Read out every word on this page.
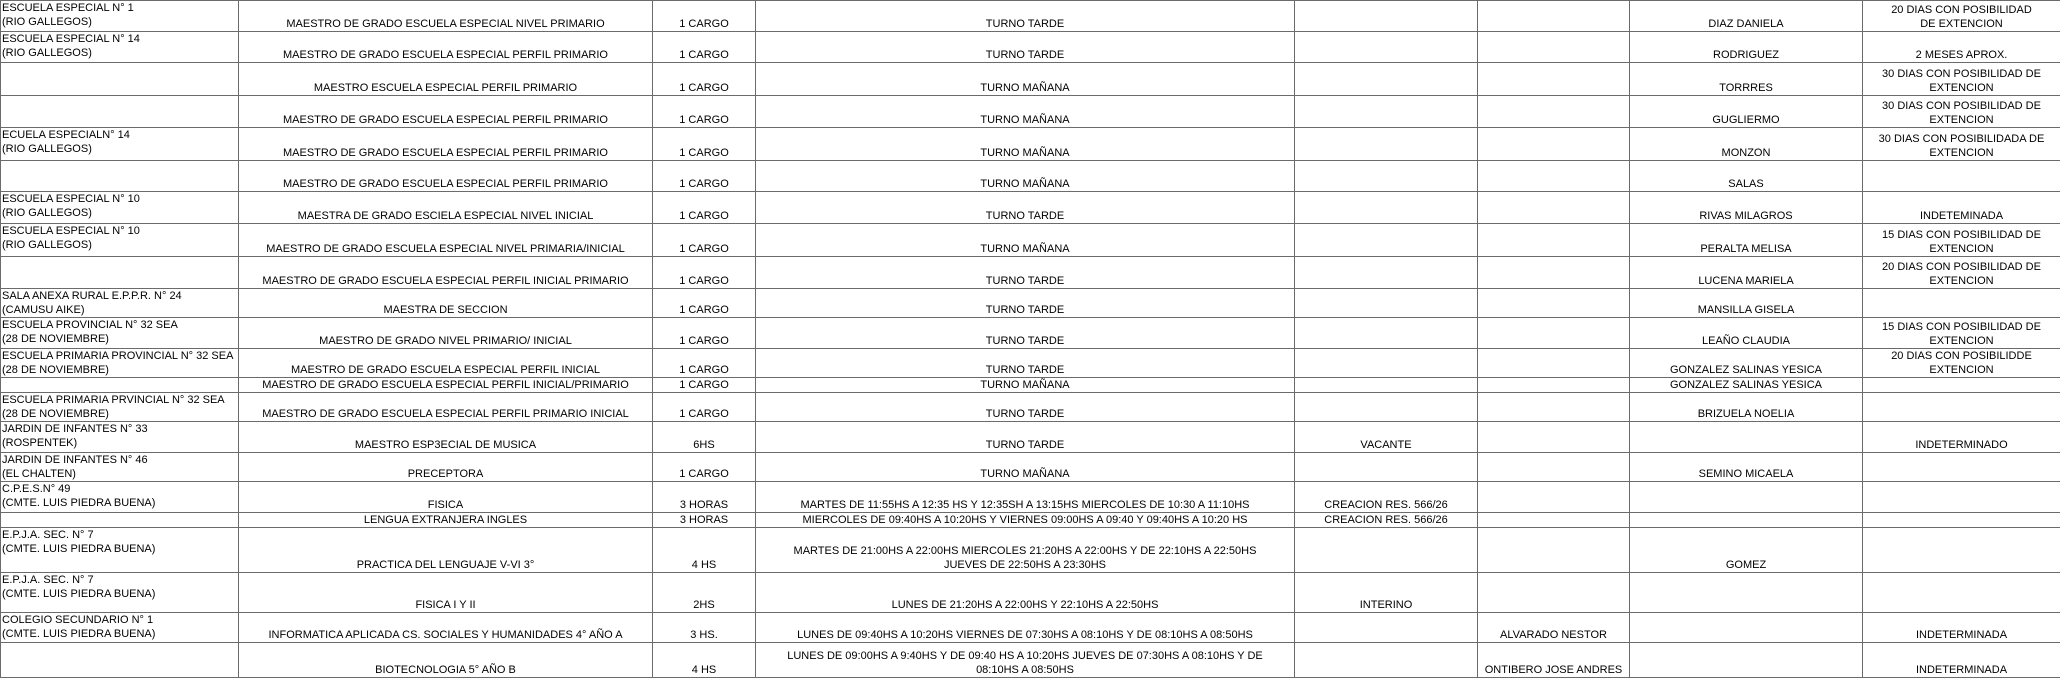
ESCUELA ESPECIAL N° 1
(RIO GALLEGOS)	MAESTRO DE GRADO ESCUELA ESPECIAL NIVEL PRIMARIO	1 CARGO	TURNO TARDE			DIAZ DANIELA	20 DIAS CON POSIBILIDAD
DE EXTENCION

ESCUELA ESPECIAL N° 14
(RIO GALLEGOS)	MAESTRO DE GRADO ESCUELA ESPECIAL PERFIL PRIMARIO	1 CARGO	TURNO TARDE			RODRIGUEZ	2 MESES APROX.

	MAESTRO ESCUELA ESPECIAL PERFIL PRIMARIO	1 CARGO	TURNO MAÑANA			TORRRES	30 DIAS CON POSIBILIDAD DE
EXTENCION

	MAESTRO DE GRADO ESCUELA ESPECIAL PERFIL PRIMARIO	1 CARGO	TURNO MAÑANA			GUGLIERMO	30 DIAS CON POSIBILIDAD DE
EXTENCION

ECUELA ESPECIALN° 14
(RIO GALLEGOS)	MAESTRO DE GRADO ESCUELA ESPECIAL PERFIL PRIMARIO	1 CARGO	TURNO MAÑANA			MONZON	30 DIAS CON POSIBILIDADA DE
EXTENCION

	MAESTRO DE GRADO ESCUELA ESPECIAL PERFIL PRIMARIO	1 CARGO	TURNO MAÑANA			SALAS	

ESCUELA ESPECIAL N° 10
(RIO GALLEGOS)	MAESTRA DE GRADO ESCIELA ESPECIAL NIVEL INICIAL	1 CARGO	TURNO TARDE			RIVAS MILAGROS	INDETEMINADA

ESCUELA ESPECIAL N° 10
(RIO GALLEGOS)	MAESTRO DE GRADO ESCUELA ESPECIAL NIVEL PRIMARIA/INICIAL	1 CARGO	TURNO MAÑANA			PERALTA MELISA	15 DIAS CON POSIBILIDAD DE
EXTENCION

	MAESTRO DE GRADO ESCUELA ESPECIAL PERFIL INICIAL PRIMARIO	1 CARGO	TURNO TARDE			LUCENA MARIELA	20 DIAS CON POSIBILIDAD DE
EXTENCION

SALA ANEXA RURAL E.P.P.R. N° 24
(CAMUSU AIKE)	MAESTRA DE SECCION	1 CARGO	TURNO TARDE			MANSILLA GISELA	

ESCUELA PROVINCIAL N° 32 SEA
(28 DE NOVIEMBRE)	MAESTRO DE GRADO NIVEL PRIMARIO/ INICIAL	1 CARGO	TURNO TARDE			LEAÑO CLAUDIA	15 DIAS CON POSIBILIDAD DE
EXTENCION

ESCUELA PRIMARIA PROVINCIAL N° 32 SEA
(28 DE NOVIEMBRE)	MAESTRO DE GRADO ESCUELA ESPECIAL PERFIL INICIAL	1 CARGO	TURNO TARDE			GONZALEZ SALINAS YESICA	20 DIAS CON POSIBILIDDE
EXTENCION

	MAESTRO DE GRADO ESCUELA ESPECIAL PERFIL INICIAL/PRIMARIO	1 CARGO	TURNO MAÑANA			GONZALEZ SALINAS YESICA	

ESCUELA PRIMARIA PRVINCIAL N° 32 SEA
(28 DE NOVIEMBRE)	MAESTRO DE GRADO ESCUELA ESPECIAL PERFIL PRIMARIO INICIAL	1 CARGO	TURNO TARDE			BRIZUELA NOELIA	

JARDIN DE INFANTES N° 33
(ROSPENTEK)	MAESTRO ESP3ECIAL DE MUSICA	6HS	TURNO TARDE	VACANTE			INDETERMINADO

JARDIN DE INFANTES N° 46
(EL CHALTEN)	PRECEPTORA	1 CARGO	TURNO MAÑANA			SEMINO MICAELA	

C.P.E.S.N° 49
(CMTE. LUIS PIEDRA BUENA)	FISICA	3 HORAS	MARTES DE 11:55HS A 12:35 HS Y 12:35SH A 13:15HS MIERCOLES DE 10:30 A 11:10HS	CREACION RES. 566/26			
	LENGUA EXTRANJERA INGLES	3 HORAS	MIERCOLES DE 09:40HS A 10:20HS Y VIERNES 09:00HS A 09:40 Y 09:40HS A 10:20 HS	CREACION RES. 566/26			

E.P.J.A. SEC. N° 7
(CMTE. LUIS PIEDRA BUENA)	PRACTICA DEL LENGUAJE V-VI 3°	4 HS	MARTES DE 21:00HS A 22:00HS MIERCOLES 21:20HS A 22:00HS Y DE 22:10HS A 22:50HS
JUEVES DE 22:50HS A 23:30HS			GOMEZ	

E.P.J.A. SEC. N° 7
(CMTE. LUIS PIEDRA BUENA)	FISICA I Y II	2HS	LUNES DE 21:20HS A 22:00HS Y 22:10HS A 22:50HS	INTERINO			

COLEGIO SECUNDARIO N° 1
(CMTE. LUIS PIEDRA BUENA)	INFORMATICA APLICADA CS. SOCIALES Y HUMANIDADES 4° AÑO A	3 HS.	LUNES DE 09:40HS A 10:20HS VIERNES DE 07:30HS A 08:10HS Y DE 08:10HS A 08:50HS		ALVARADO NESTOR		INDETERMINADA

	BIOTECNOLOGIA 5° AÑO B	4 HS	LUNES DE 09:00HS A 9:40HS Y DE 09:40 HS A 10:20HS JUEVES DE 07:30HS A 08:10HS Y DE
08:10HS A 08:50HS		ONTIBERO JOSE ANDRES		INDETERMINADA
